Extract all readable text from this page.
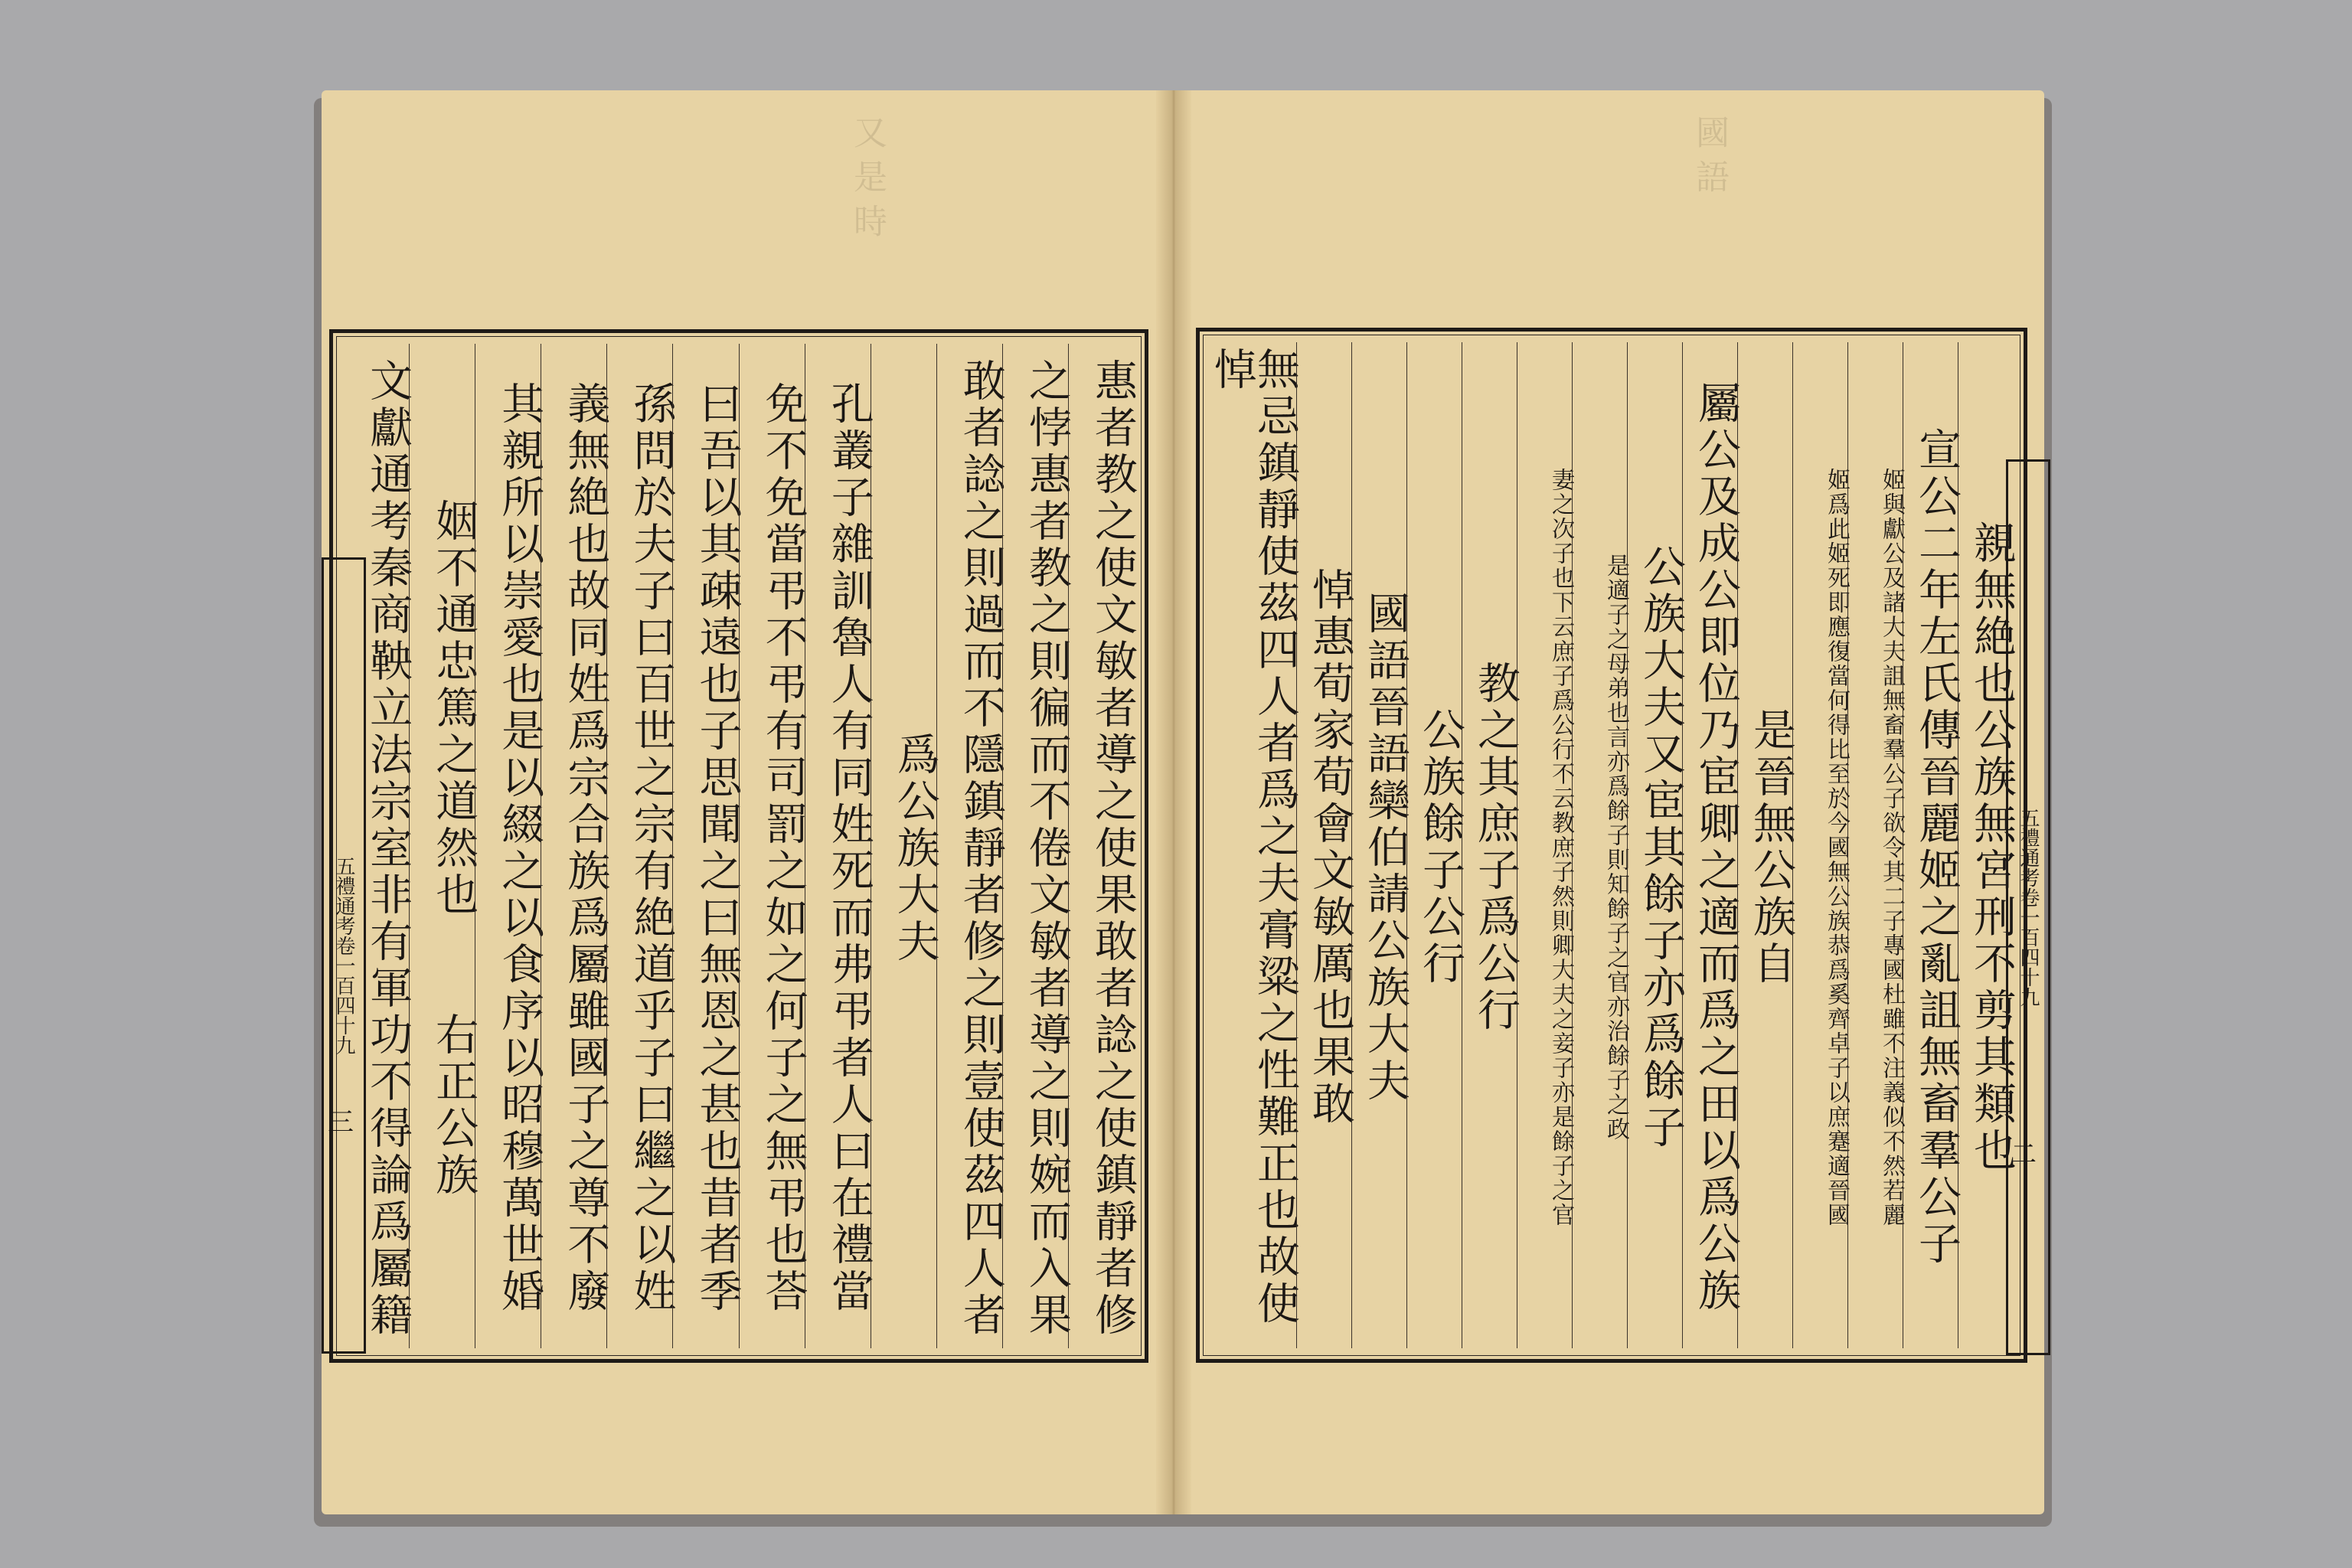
又是時	國語
惠者教之使文敏者導之使果敢者諗之使鎮靜者修
之悖惠者教之則徧而不倦文敏者導之則婉而入果
敢者諗之則過而不隱鎮靜者修之則壹使茲四人者
爲公族大夫
孔叢子雜訓魯人有同姓死而弗弔者人曰在禮當
免不免當弔不弔有司罰之如之何子之無弔也荅
曰吾以其疎遠也子思聞之曰無恩之甚也昔者季
孫問於夫子曰百世之宗有絶道乎子曰繼之以姓
義無絶也故同姓爲宗合族爲屬雖國子之尊不廢
其親所以崇愛也是以綴之以食序以昭穆萬世婚
姻不通忠篤之道然也　　右正公族
文獻通考秦商鞅立法宗室非有軍功不得論爲屬籍
五禮通考卷一百四十九
三	親無絶也公族無宮刑不剪其類也
宣公二年左氏傳晉麗姬之亂詛無畜羣公子
姬與獻公及諸大夫詛無畜羣公子欲令其二子專國杜雖不注義似不然若麗
姬爲此姬死即應復當何得比至於今國無公族恭爲奚齊卓子以庶蹇適晉國
是晉無公族自
屬公及成公即位乃宦卿之適而爲之田以爲公族
公族大夫又宦其餘子亦爲餘子
是適子之母弟也言亦爲餘子則知餘子之官亦治餘子之政
妻之次子也下云庶子爲公行不云教庶子然則卿大夫之妾子亦是餘子之官
教之其庶子爲公行
公族餘子公行
國語晉語欒伯請公族大夫
悼惠荀家荀會文敏厲也果敢
無忌鎮靜使茲四人者爲之夫膏粱之性難正也故使悼
五禮通考卷一百四十九
二
